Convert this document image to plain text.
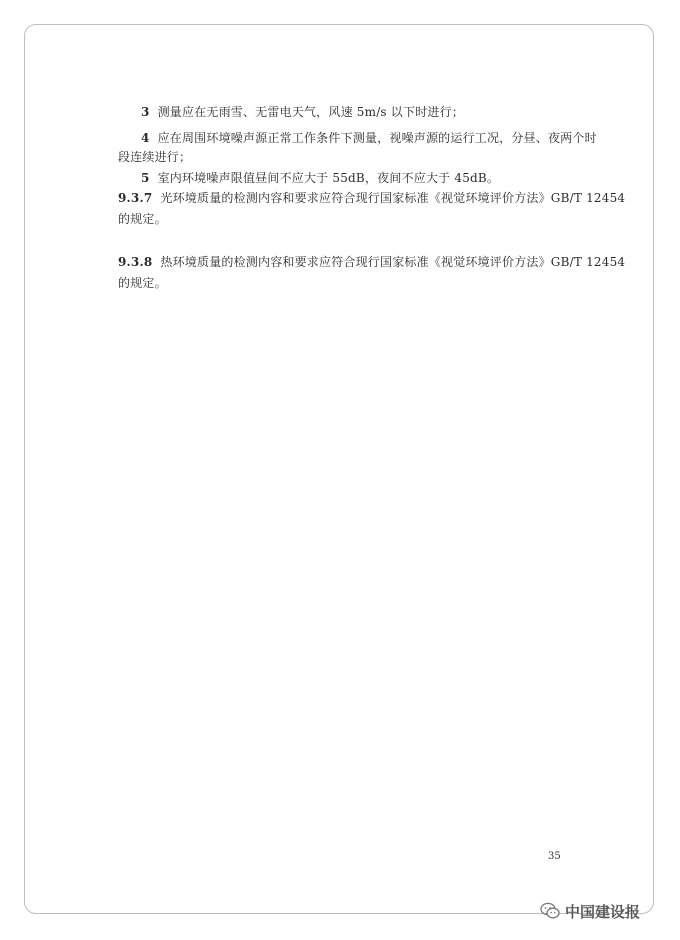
3 测量应在无雨雪、无雷电天气，风速 5m/s 以下时进行；
4 应在周围环境噪声源正常工作条件下测量，视噪声源的运行工况，分昼、夜两个时
段连续进行；
5 室内环境噪声限值昼间不应大于 55dB，夜间不应大于 45dB。
9.3.7 光环境质量的检测内容和要求应符合现行国家标准《视觉环境评价方法》GB/T 12454
的规定。
9.3.8 热环境质量的检测内容和要求应符合现行国家标准《视觉环境评价方法》GB/T 12454
的规定。
35
中国建设报
